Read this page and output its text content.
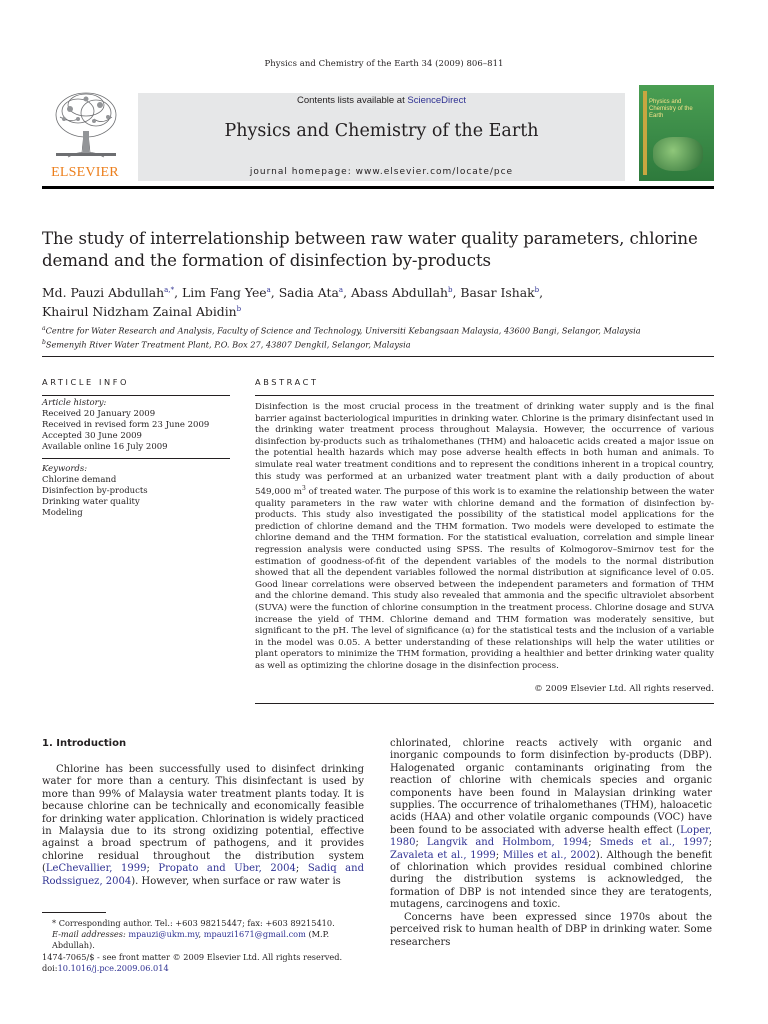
Physics and Chemistry of the Earth 34 (2009) 806–811
ELSEVIER
Contents lists available at ScienceDirect
Physics and Chemistry of the Earth
journal homepage: www.elsevier.com/locate/pce
Physics and Chemistry of the Earth
The study of interrelationship between raw water quality parameters, chlorine demand and the formation of disinfection by-products
Md. Pauzi Abdullah$^{a,*}$, Lim Fang Yee$^a$, Sadia Ata$^a$, Abass Abdullah$^b$, Basar Ishak$^b$,
Khairul Nidzham Zainal Abidin$^b$
$^a$Centre for Water Research and Analysis, Faculty of Science and Technology, Universiti Kebangsaan Malaysia, 43600 Bangi, Selangor, Malaysia
$^b$Semenyih River Water Treatment Plant, P.O. Box 27, 43807 Dengkil, Selangor, Malaysia
ARTICLE INFO	ABSTRACT
Article history:
Received 20 January 2009
Received in revised form 23 June 2009
Accepted 30 June 2009
Available online 16 July 2009
Keywords:
Chlorine demand
Disinfection by-products
Drinking water quality
Modeling
Disinfection is the most crucial process in the treatment of drinking water supply and is the final barrier against bacteriological impurities in drinking water. Chlorine is the primary disinfectant used in the drinking water treatment process throughout Malaysia. However, the occurrence of various disinfection by-products such as trihalomethanes (THM) and haloacetic acids created a major issue on the potential health hazards which may pose adverse health effects in both human and animals. To simulate real water treatment conditions and to represent the conditions inherent in a tropical country, this study was performed at an urbanized water treatment plant with a daily production of about 549,000 $m^3$ of treated water. The purpose of this work is to examine the relationship between the water quality parameters in the raw water with chlorine demand and the formation of disinfection by-products. This study also investigated the possibility of the statistical model applications for the prediction of chlorine demand and the THM formation. Two models were developed to estimate the chlorine demand and the THM formation. For the statistical evaluation, correlation and simple linear regression analysis were conducted using SPSS. The results of Kolmogorov–Smirnov test for the estimation of goodness-of-fit of the dependent variables of the models to the normal distribution showed that all the dependent variables followed the normal distribution at significance level of 0.05. Good linear correlations were observed between the independent parameters and formation of THM and the chlorine demand. This study also revealed that ammonia and the specific ultraviolet absorbent (SUVA) were the function of chlorine consumption in the treatment process. Chlorine dosage and SUVA increase the yield of THM. Chlorine demand and THM formation was moderately sensitive, but significant to the pH. The level of significance (α) for the statistical tests and the inclusion of a variable in the model was 0.05. A better understanding of these relationships will help the water utilities or plant operators to minimize the THM formation, providing a healthier and better drinking water quality as well as optimizing the chlorine dosage in the disinfection process.
© 2009 Elsevier Ltd. All rights reserved.
1. Introduction

Chlorine has been successfully used to disinfect drinking water for more than a century. This disinfectant is used by more than 99% of Malaysia water treatment plants today. It is because chlorine can be technically and economically feasible for drinking water application. Chlorination is widely practiced in Malaysia due to its strong oxidizing potential, effective against a broad spectrum of pathogens, and it provides chlorine residual throughout the distribution system (LeChevallier, 1999; Propato and Uber, 2004; Sadiq and Rodssiguez, 2004). However, when surface or raw water is

chlorinated, chlorine reacts actively with organic and inorganic compounds to form disinfection by-products (DBP). Halogenated organic contaminants originating from the reaction of chlorine with chemicals species and organic components have been found in Malaysian drinking water supplies. The occurrence of trihalomethanes (THM), haloacetic acids (HAA) and other volatile organic compounds (VOC) have been found to be associated with adverse health effect (Loper, 1980; Langvik and Holmbom, 1994; Smeds et al., 1997; Zavaleta et al., 1999; Milles et al., 2002). Although the benefit of chlorination which provides residual combined chlorine during the distribution systems is acknowledged, the formation of DBP is not intended since they are teratogents, mutagens, carcinogens and toxic.

Concerns have been expressed since 1970s about the perceived risk to human health of DBP in drinking water. Some researchers

* Corresponding author. Tel.: +603 98215447; fax: +603 89215410.
E-mail addresses: mpauzi@ukm.my, mpauzi1671@gmail.com (M.P. Abdullah).
1474-7065/$ - see front matter © 2009 Elsevier Ltd. All rights reserved.
doi:10.1016/j.pce.2009.06.014
